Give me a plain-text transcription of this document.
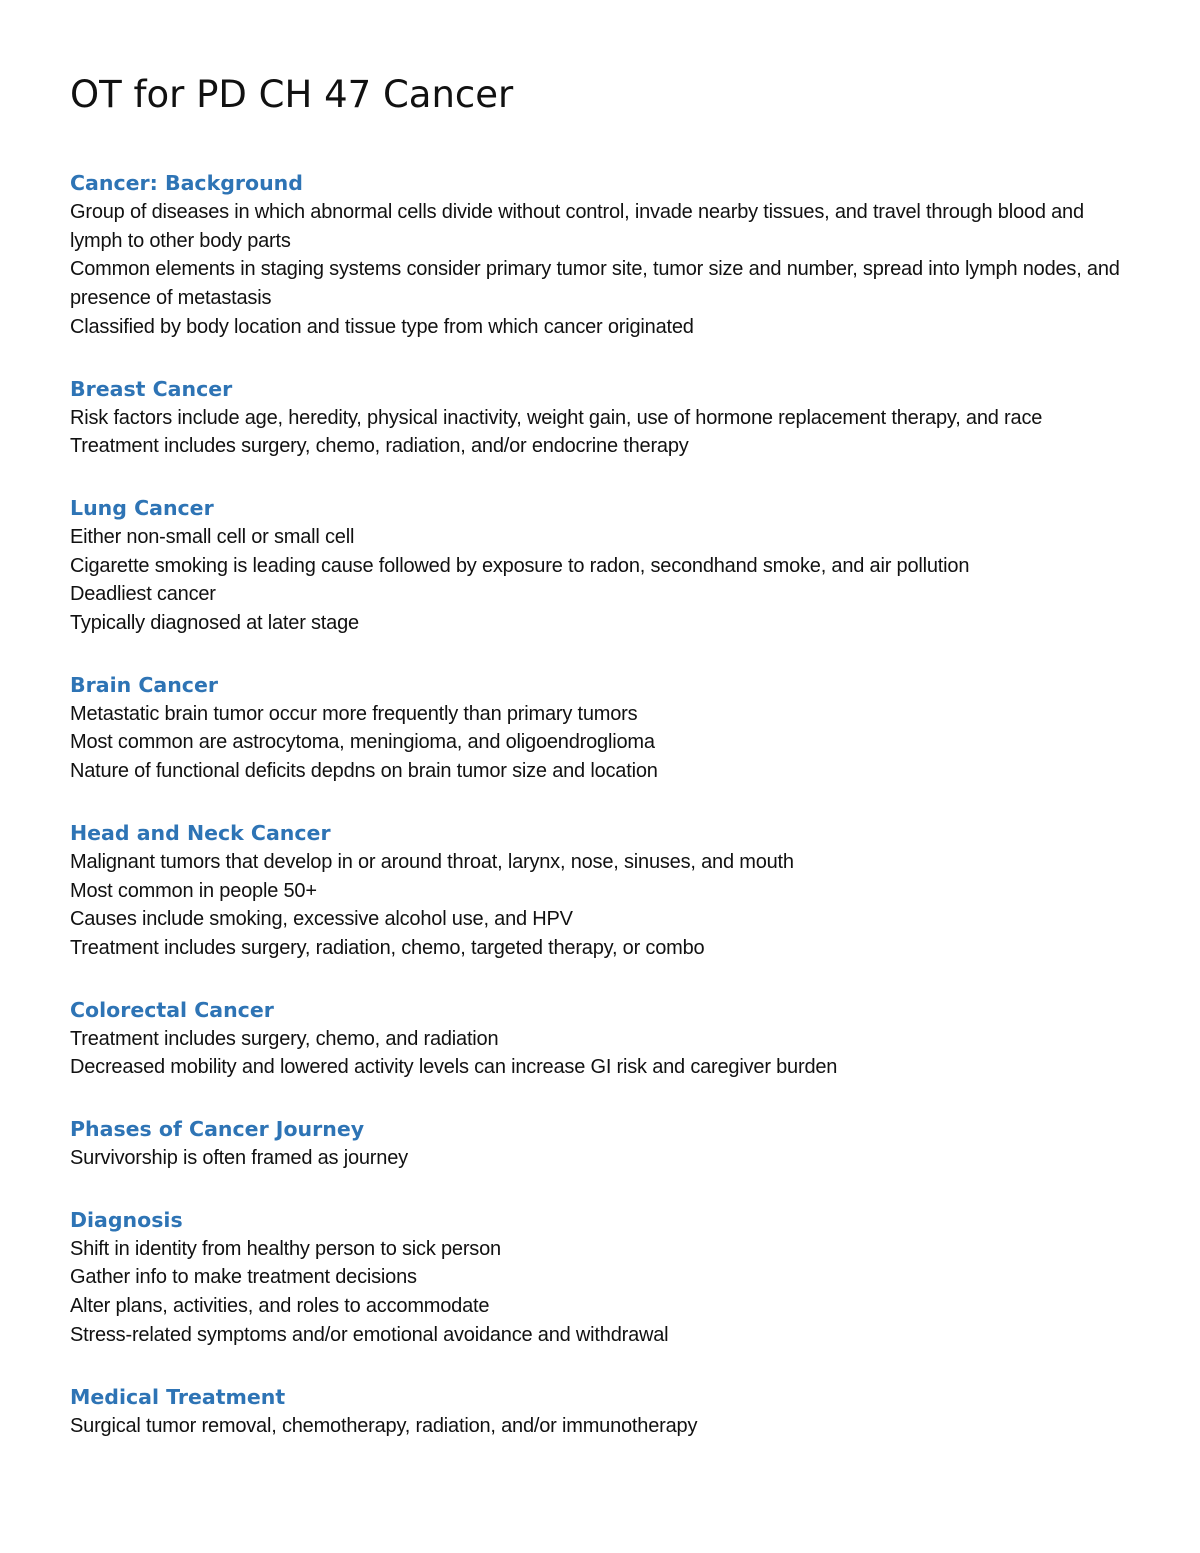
OT for PD CH 47 Cancer
Cancer: Background
Group of diseases in which abnormal cells divide without control, invade nearby tissues, and travel through blood and lymph to other body parts
Common elements in staging systems consider primary tumor site, tumor size and number, spread into lymph nodes, and presence of metastasis
Classified by body location and tissue type from which cancer originated
Breast Cancer
Risk factors include age, heredity, physical inactivity, weight gain, use of hormone replacement therapy, and race
Treatment includes surgery, chemo, radiation, and/or endocrine therapy
Lung Cancer
Either non-small cell or small cell
Cigarette smoking is leading cause followed by exposure to radon, secondhand smoke, and air pollution
Deadliest cancer
Typically diagnosed at later stage
Brain Cancer
Metastatic brain tumor occur more frequently than primary tumors
Most common are astrocytoma, meningioma, and oligoendroglioma
Nature of functional deficits depdns on brain tumor size and location
Head and Neck Cancer
Malignant tumors that develop in or around throat, larynx, nose, sinuses, and mouth
Most common in people 50+
Causes include smoking, excessive alcohol use, and HPV
Treatment includes surgery, radiation, chemo, targeted therapy, or combo
Colorectal Cancer
Treatment includes surgery, chemo, and radiation
Decreased mobility and lowered activity levels can increase GI risk and caregiver burden
Phases of Cancer Journey
Survivorship is often framed as journey
Diagnosis
Shift in identity from healthy person to sick person
Gather info to make treatment decisions
Alter plans, activities, and roles to accommodate
Stress-related symptoms and/or emotional avoidance and withdrawal
Medical Treatment
Surgical tumor removal, chemotherapy, radiation, and/or immunotherapy
